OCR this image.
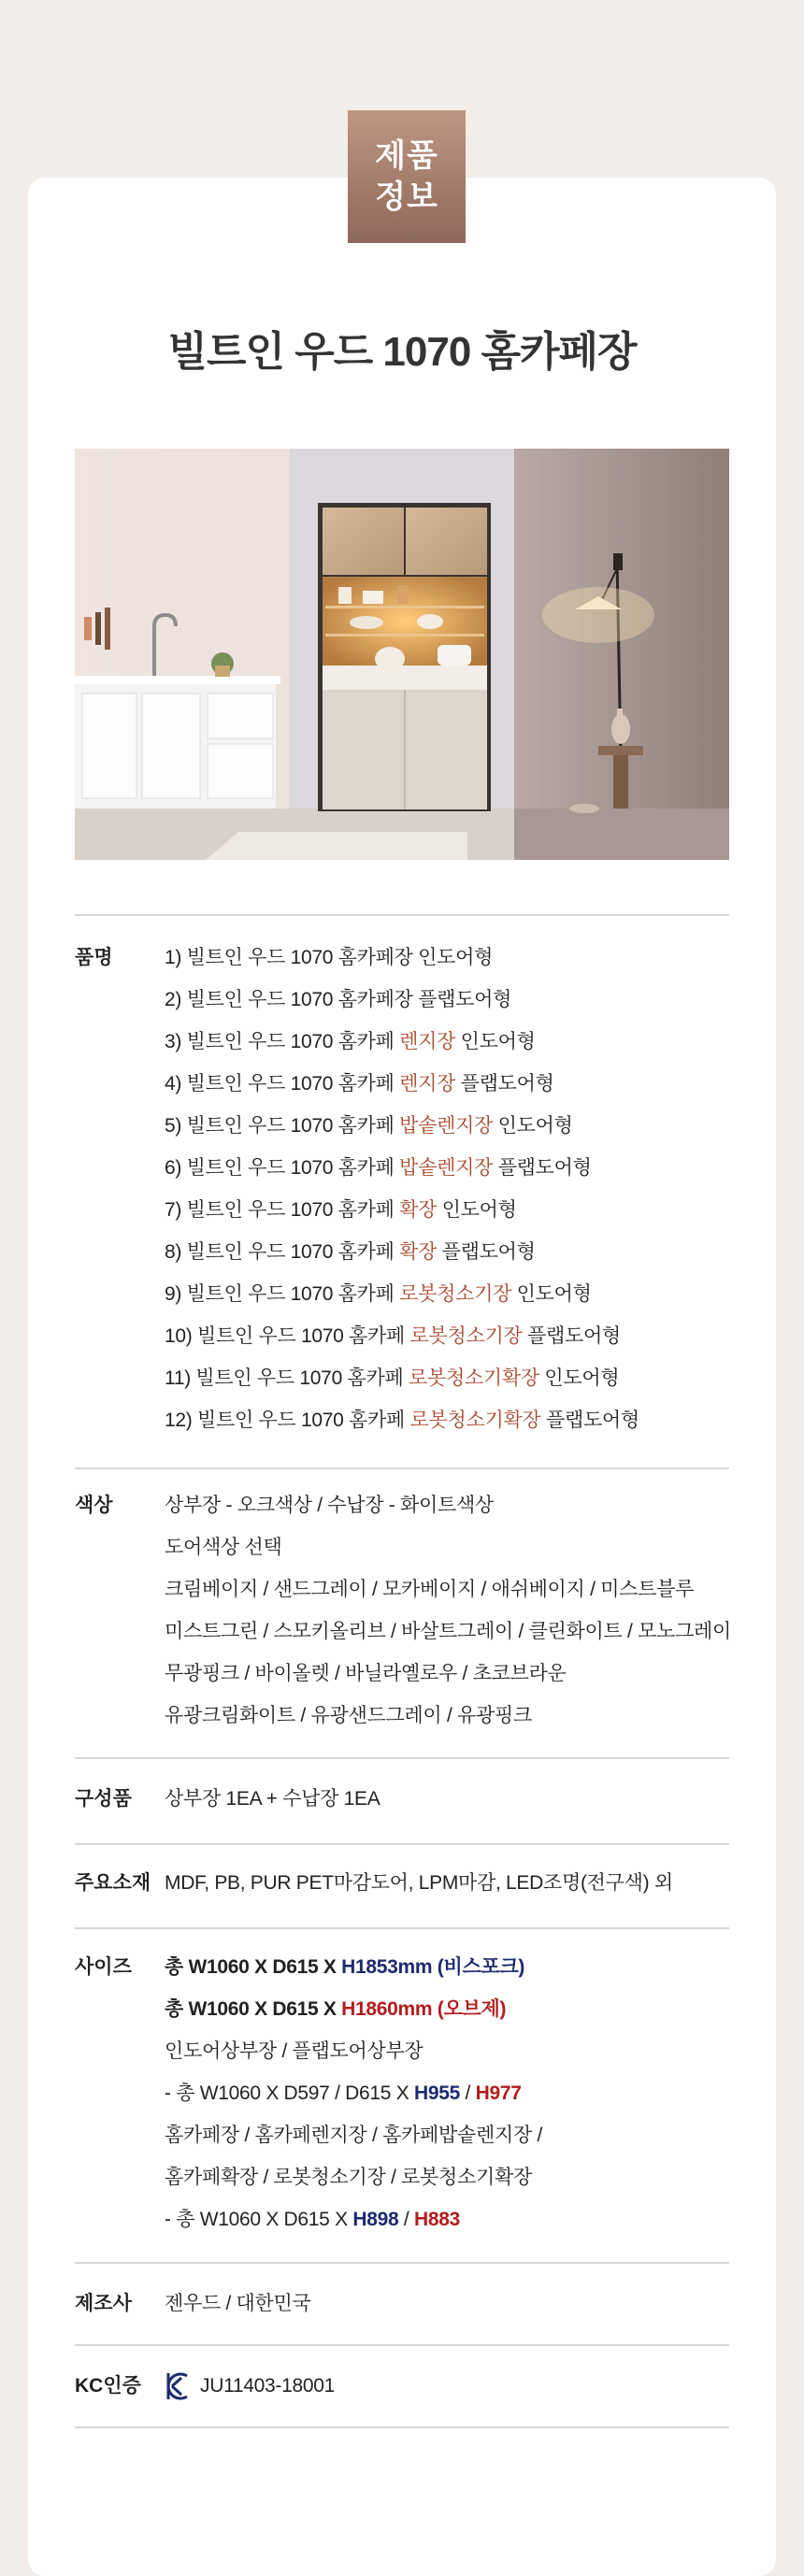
제품
정보
빌트인 우드 1070 홈카페장
품명	1) 빌트인 우드 1070 홈카페장 인도어형
2) 빌트인 우드 1070 홈카페장 플랩도어형
3) 빌트인 우드 1070 홈카페 렌지장 인도어형
4) 빌트인 우드 1070 홈카페 렌지장 플랩도어형
5) 빌트인 우드 1070 홈카페 밥솥렌지장 인도어형
6) 빌트인 우드 1070 홈카페 밥솥렌지장 플랩도어형
7) 빌트인 우드 1070 홈카페 확장 인도어형
8) 빌트인 우드 1070 홈카페 확장 플랩도어형
9) 빌트인 우드 1070 홈카페 로봇청소기장 인도어형
10) 빌트인 우드 1070 홈카페 로봇청소기장 플랩도어형
11) 빌트인 우드 1070 홈카페 로봇청소기확장 인도어형
12) 빌트인 우드 1070 홈카페 로봇청소기확장 플랩도어형
색상	상부장 - 오크색상 / 수납장 - 화이트색상
도어색상 선택
크림베이지 / 샌드그레이 / 모카베이지 / 애쉬베이지 / 미스트블루
미스트그린 / 스모키올리브 / 바살트그레이 / 클린화이트 / 모노그레이
무광핑크 / 바이올렛 / 바닐라옐로우 / 초코브라운
유광크림화이트 / 유광샌드그레이 / 유광핑크
구성품	상부장 1EA + 수납장 1EA
주요소재 MDF, PB, PUR PET마감도어, LPM마감, LED조명(전구색) 외
사이즈	총 W1060 X D615 X H1853mm (비스포크)
총 W1060 X D615 X H1860mm (오브제)
인도어상부장 / 플랩도어상부장
- 총 W1060 X D597 / D615 X H955 / H977
홈카페장 / 홈카페렌지장 / 홈카페밥솥렌지장 /
홈카페확장 / 로봇청소기장 / 로봇청소기확장
- 총 W1060 X D615 X H898 / H883
제조사	젠우드 / 대한민국
KC인증	JU11403-18001
